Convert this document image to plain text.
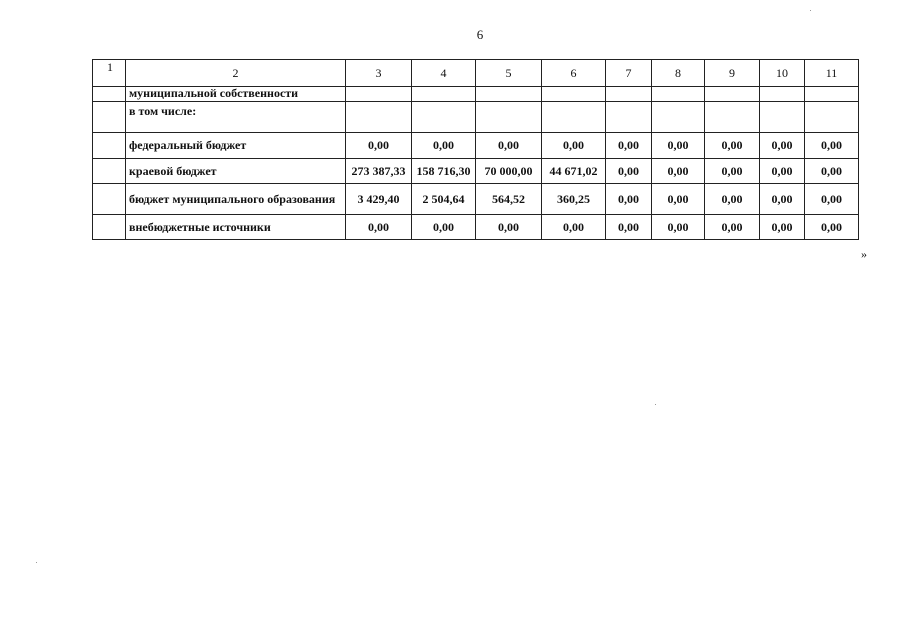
6
1	2	3	4	5	6	7	8	9	10	11
	муниципальной собственности									
	в том числе:									
	федеральный бюджет	0,00	0,00	0,00	0,00	0,00	0,00	0,00	0,00	0,00
	краевой бюджет	273 387,33	158 716,30	70 000,00	44 671,02	0,00	0,00	0,00	0,00	0,00
	бюджет муниципального образования	3 429,40	2 504,64	564,52	360,25	0,00	0,00	0,00	0,00	0,00
	внебюджетные источники	0,00	0,00	0,00	0,00	0,00	0,00	0,00	0,00	0,00
»
